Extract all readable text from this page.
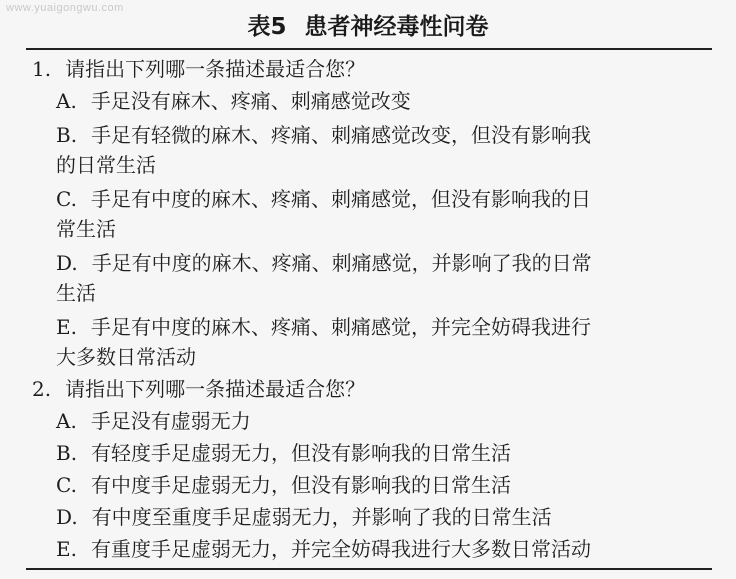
www.yuaigongwu.com
表5 患者神经毒性问卷
1. 请指出下列哪一条描述最适合您？
A. 手足没有麻木、疼痛、刺痛感觉改变
B. 手足有轻微的麻木、疼痛、刺痛感觉改变，但没有影响我
的日常生活
C. 手足有中度的麻木、疼痛、刺痛感觉，但没有影响我的日
常生活
D. 手足有中度的麻木、疼痛、刺痛感觉，并影响了我的日常
生活
E. 手足有中度的麻木、疼痛、刺痛感觉，并完全妨碍我进行
大多数日常活动
2. 请指出下列哪一条描述最适合您？
A. 手足没有虚弱无力
B. 有轻度手足虚弱无力，但没有影响我的日常生活
C. 有中度手足虚弱无力，但没有影响我的日常生活
D. 有中度至重度手足虚弱无力，并影响了我的日常生活
E. 有重度手足虚弱无力，并完全妨碍我进行大多数日常活动
